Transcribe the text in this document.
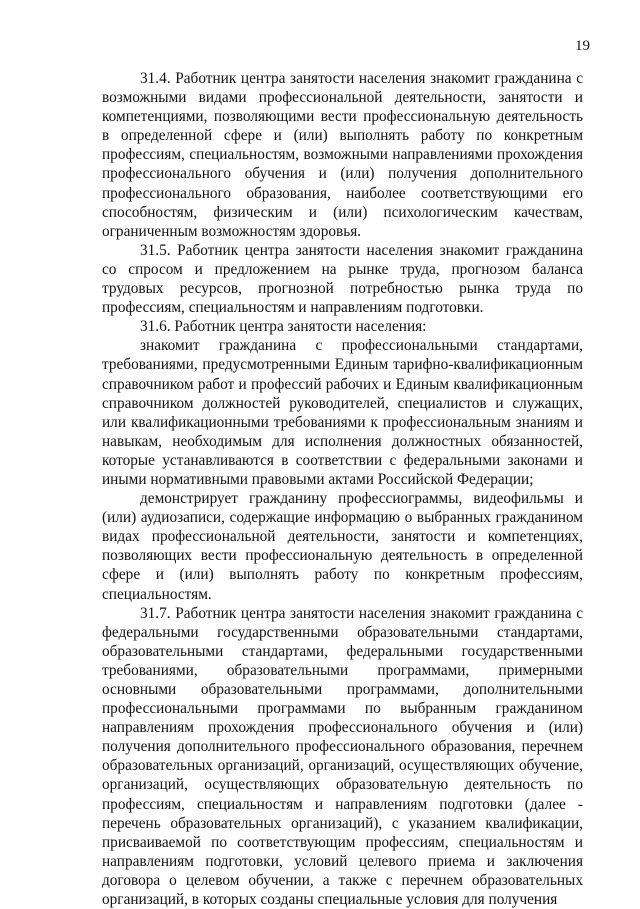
19

31.4. Работник центра занятости населения знакомит гражданина с возможными видами профессиональной деятельности, занятости и компетенциями, позволяющими вести профессиональную деятельность в определенной сфере и (или) выполнять работу по конкретным профессиям, специальностям, возможными направлениями прохождения профессионального обучения и (или) получения дополнительного профессионального образования, наиболее соответствующими его способностям, физическим и (или) психологическим качествам, ограниченным возможностям здоровья.

31.5. Работник центра занятости населения знакомит гражданина со спросом и предложением на рынке труда, прогнозом баланса трудовых ресурсов, прогнозной потребностью рынка труда по профессиям, специальностям и направлениям подготовки.

31.6. Работник центра занятости населения:

знакомит гражданина с профессиональными стандартами, требованиями, предусмотренными Единым тарифно-квалификационным справочником работ и профессий рабочих и Единым квалификационным справочником должностей руководителей, специалистов и служащих, или квалификационными требованиями к профессиональным знаниям и навыкам, необходимым для исполнения должностных обязанностей, которые устанавливаются в соответствии с федеральными законами и иными нормативными правовыми актами Российской Федерации;

демонстрирует гражданину профессиограммы, видеофильмы и (или) аудиозаписи, содержащие информацию о выбранных гражданином видах профессиональной деятельности, занятости и компетенциях, позволяющих вести профессиональную деятельность в определенной сфере и (или) выполнять работу по конкретным профессиям, специальностям.

31.7. Работник центра занятости населения знакомит гражданина с федеральными государственными образовательными стандартами, образовательными стандартами, федеральными государственными требованиями, образовательными программами, примерными основными образовательными программами, дополнительными профессиональными программами по выбранным гражданином направлениям прохождения профессионального обучения и (или) получения дополнительного профессионального образования, перечнем образовательных организаций, организаций, осуществляющих обучение, организаций, осуществляющих образовательную деятельность по профессиям, специальностям и направлениям подготовки (далее - перечень образовательных организаций), с указанием квалификации, присваиваемой по соответствующим профессиям, специальностям и направлениям подготовки, условий целевого приема и заключения договора о целевом обучении, а также с перечнем образовательных организаций, в которых созданы специальные условия для получения
